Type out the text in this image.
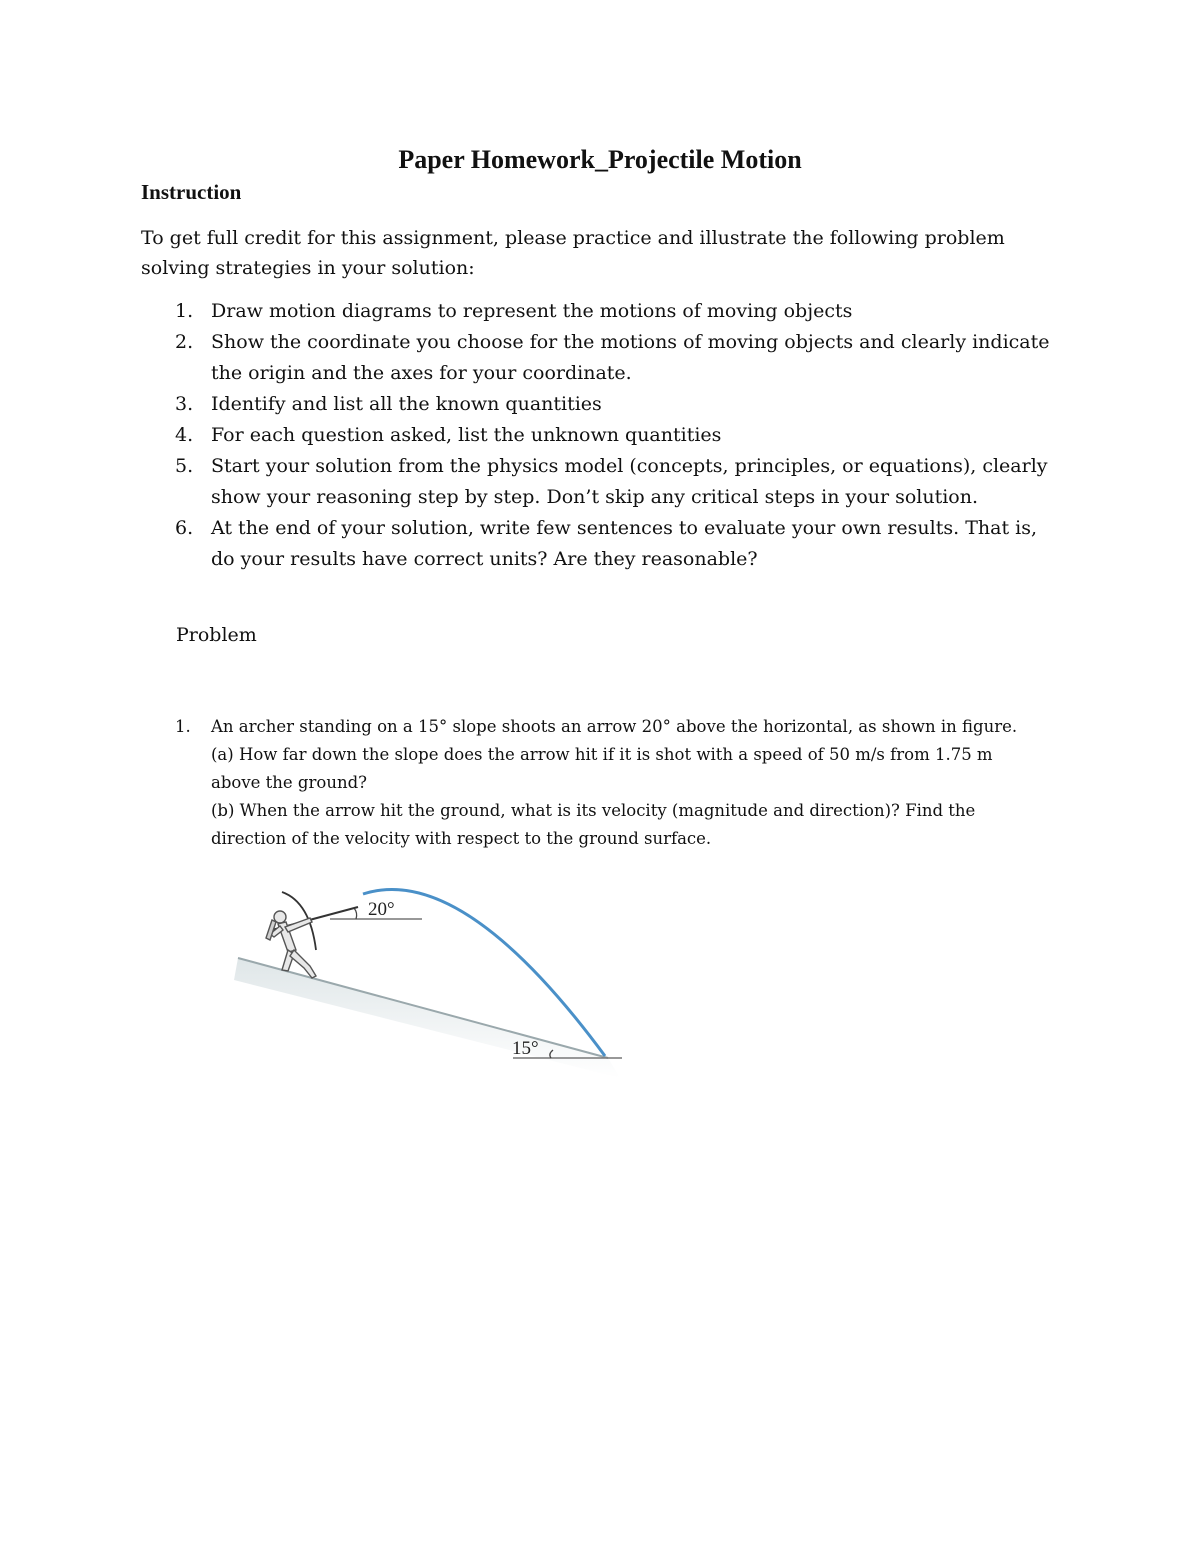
Paper Homework_Projectile Motion
Instruction

To get full credit for this assignment, please practice and illustrate the following problem solving strategies in your solution:

1. Draw motion diagrams to represent the motions of moving objects
2. Show the coordinate you choose for the motions of moving objects and clearly indicate the origin and the axes for your coordinate.
3. Identify and list all the known quantities
4. For each question asked, list the unknown quantities
5. Start your solution from the physics model (concepts, principles, or equations), clearly show your reasoning step by step. Don’t skip any critical steps in your solution.
6. At the end of your solution, write few sentences to evaluate your own results. That is, do your results have correct units? Are they reasonable?

Problem

1. An archer standing on a 15° slope shoots an arrow 20° above the horizontal, as shown in figure.
(a) How far down the slope does the arrow hit if it is shot with a speed of 50 m/s from 1.75 m above the ground?
(b) When the arrow hit the ground, what is its velocity (magnitude and direction)? Find the direction of the velocity with respect to the ground surface.
15°
20°
